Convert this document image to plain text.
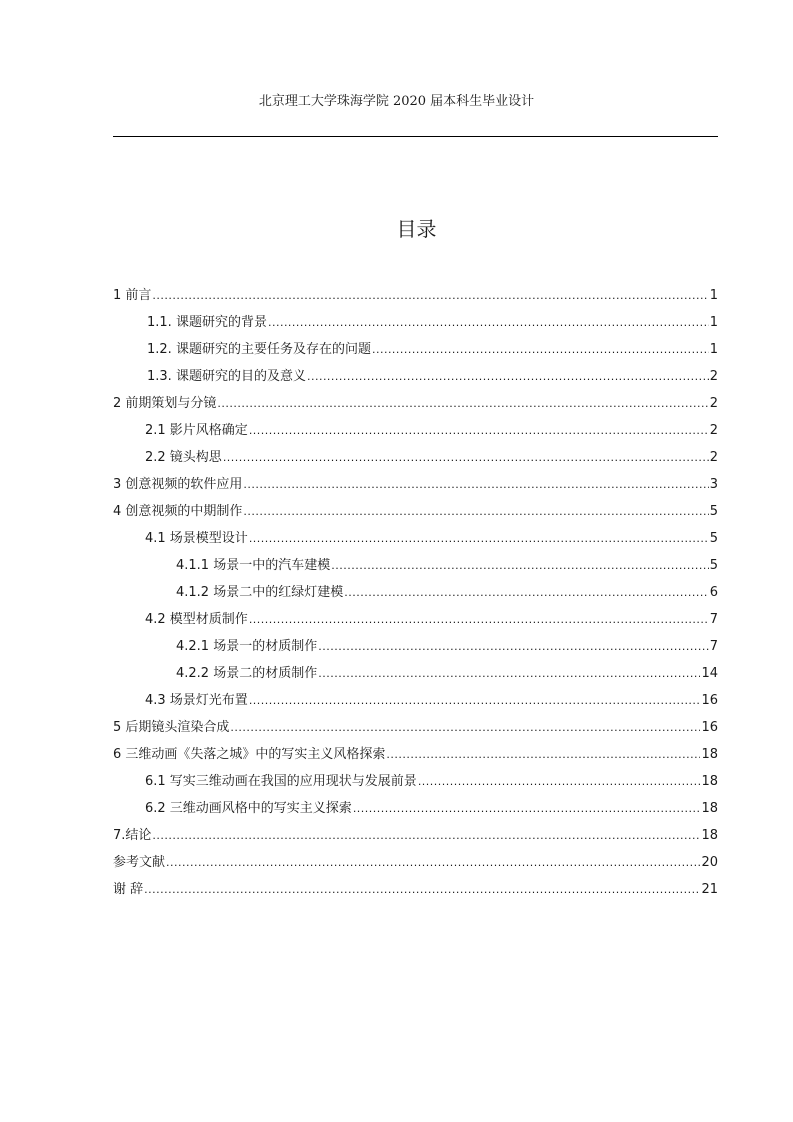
北京理工大学珠海学院 2020 届本科生毕业设计
目录
1 前言 .....	1
1.1. 课题研究的背景 .....	1
1.2. 课题研究的主要任务及存在的问题 .....	1
1.3. 课题研究的目的及意义 .....	2
2 前期策划与分镜 .....	2
2.1 影片风格确定 .....	2
2.2 镜头构思 .....	2
3 创意视频的软件应用 .....	3
4 创意视频的中期制作 .....	5
4.1 场景模型设计 .....	5
4.1.1 场景一中的汽车建模 .....	5
4.1.2 场景二中的红绿灯建模 .....	6
4.2 模型材质制作 .....	7
4.2.1 场景一的材质制作 .....	7
4.2.2 场景二的材质制作 .....	14
4.3 场景灯光布置 .....	16
5 后期镜头渲染合成 .....	16
6 三维动画《失落之城》中的写实主义风格探索 .....	18
6.1 写实三维动画在我国的应用现状与发展前景 .....	18
6.2 三维动画风格中的写实主义探索 .....	18
7.结论 .....	18
参考文献 .....	20
谢 辞 .....	21
